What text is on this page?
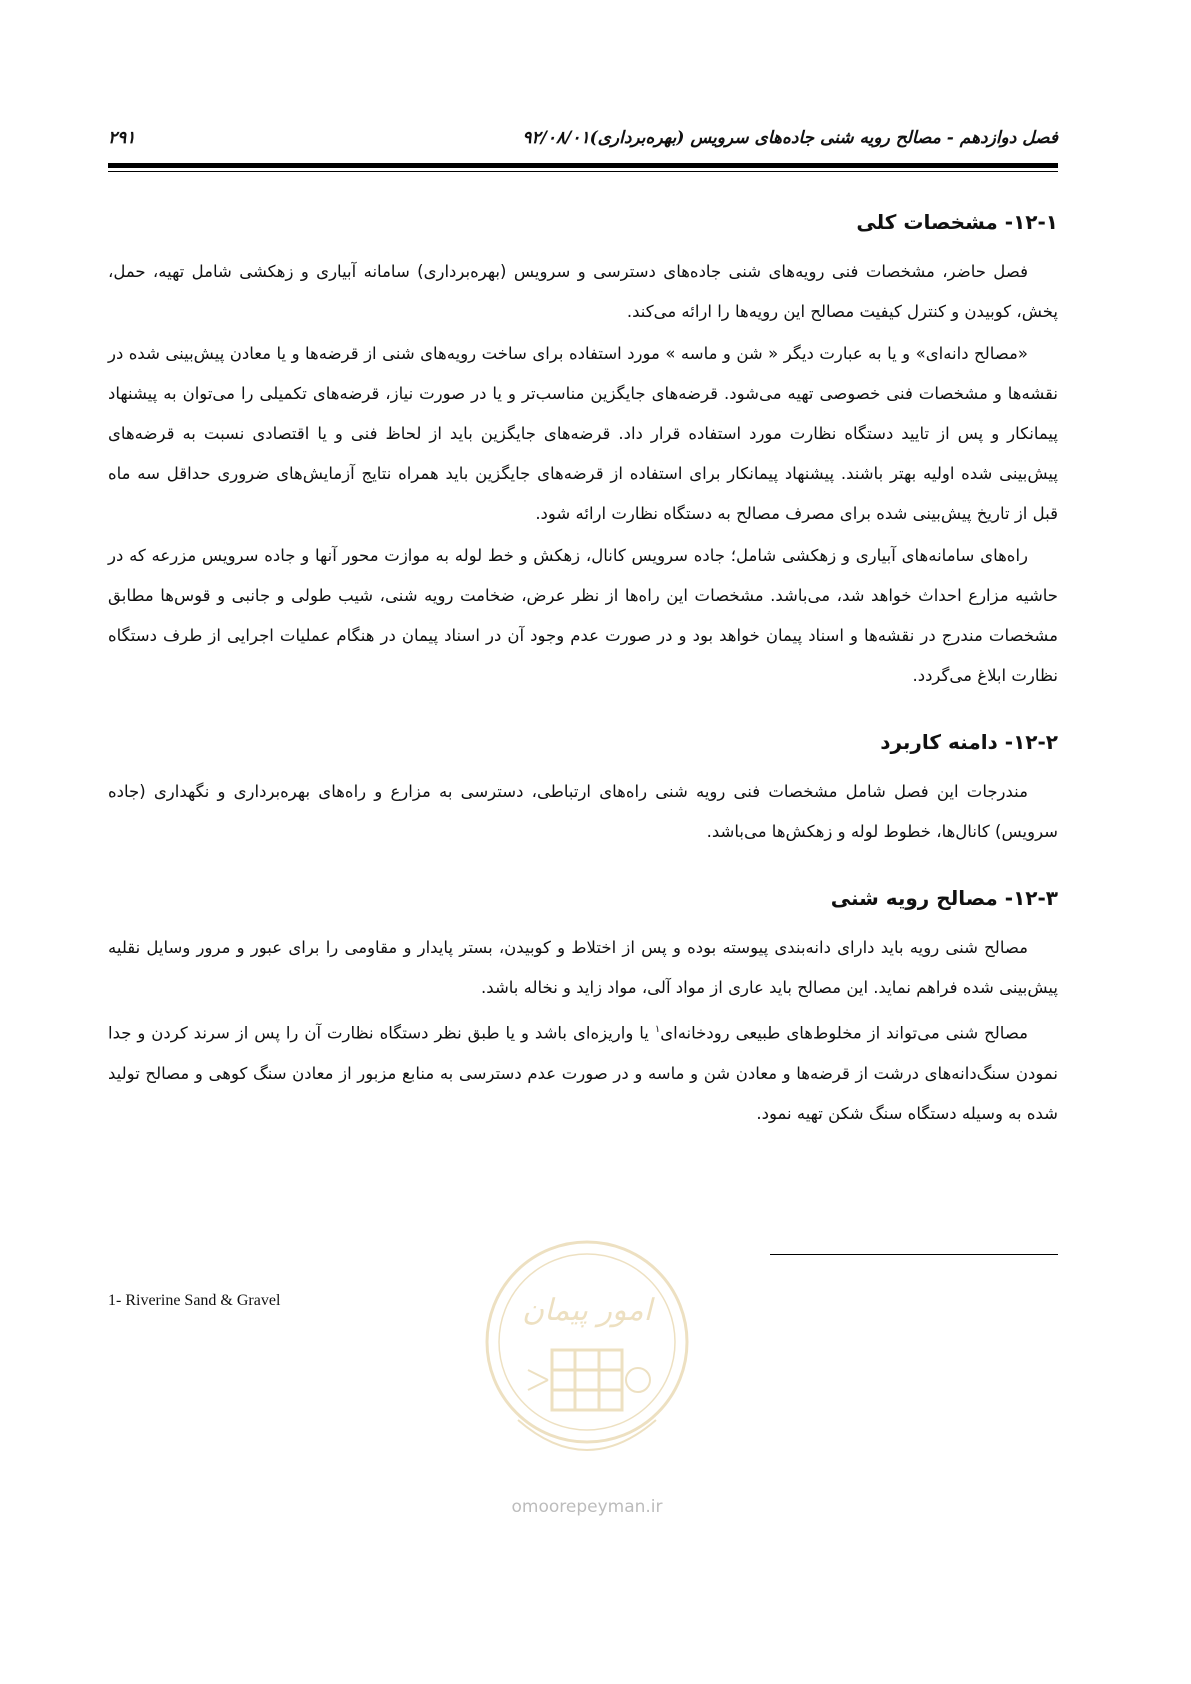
فصل دوازدهم - مصالح رویه شنی جاده‌های سرویس (بهره‌برداری)۹۲/۰۸/۰۱
۲۹۱
۱۲-۱- مشخصات کلی

فصل حاضر، مشخصات فنی رویه‌های شنی جاده‌های دسترسی و سرویس (بهره‌برداری) سامانه آبیاری و زهکشی شامل تهیه، حمل، پخش، کوبیدن و کنترل کیفیت مصالح این رویه‌ها را ارائه می‌کند.

«مصالح دانه‌ای» و یا به عبارت دیگر « شن و ماسه » مورد استفاده برای ساخت رویه‌های شنی از قرضه‌ها و یا معادن پیش‌بینی شده در نقشه‌ها و مشخصات فنی خصوصی تهیه می‌شود. قرضه‌های جایگزین مناسب‌تر و یا در صورت نیاز، قرضه‌های تکمیلی را می‌توان به پیشنهاد پیمانکار و پس از تایید دستگاه نظارت مورد استفاده قرار داد. قرضه‌های جایگزین باید از لحاظ فنی و یا اقتصادی نسبت به قرضه‌های پیش‌بینی شده اولیه بهتر باشند. پیشنهاد پیمانکار برای استفاده از قرضه‌های جایگزین باید همراه نتایج آزمایش‌های ضروری حداقل سه ماه قبل از تاریخ پیش‌بینی شده برای مصرف مصالح به دستگاه نظارت ارائه شود.

راه‌های سامانه‌های آبیاری و زهکشی شامل؛ جاده سرویس کانال، زهکش و خط لوله به موازت محور آنها و جاده سرویس مزرعه که در حاشیه مزارع احداث خواهد شد، می‌باشد. مشخصات این راه‌ها از نظر عرض، ضخامت رویه شنی، شیب طولی و جانبی و قوس‌ها مطابق مشخصات مندرج در نقشه‌ها و اسناد پیمان خواهد بود و در صورت عدم وجود آن در اسناد پیمان در هنگام عملیات اجرایی از طرف دستگاه نظارت ابلاغ می‌گردد.

۱۲-۲- دامنه کاربرد

مندرجات این فصل شامل مشخصات فنی رویه شنی راه‌های ارتباطی، دسترسی به مزارع و راه‌های بهره‌برداری و نگهداری (جاده سرویس) کانال‌ها، خطوط لوله و زهکش‌ها می‌باشد.

۱۲-۳- مصالح رویه شنی

مصالح شنی رویه باید دارای دانه‌بندی پیوسته بوده و پس از اختلاط و کوبیدن، بستر پایدار و مقاومی را برای عبور و مرور وسایل نقلیه پیش‌بینی شده فراهم نماید. این مصالح باید عاری از مواد آلی، مواد زاید و نخاله باشد.

مصالح شنی می‌تواند از مخلوط‌های طبیعی رودخانه‌ای$^۱$ یا واریزه‌ای باشد و یا طبق نظر دستگاه نظارت آن را پس از سرند کردن و جدا نمودن سنگ‌دانه‌های درشت از قرضه‌ها و معادن شن و ماسه و در صورت عدم دسترسی به منابع مزبور از معادن سنگ کوهی و مصالح تولید شده به وسیله دستگاه سنگ شکن تهیه نمود.

1- Riverine Sand & Gravel	امور پیمان
omoorepeyman.ir
